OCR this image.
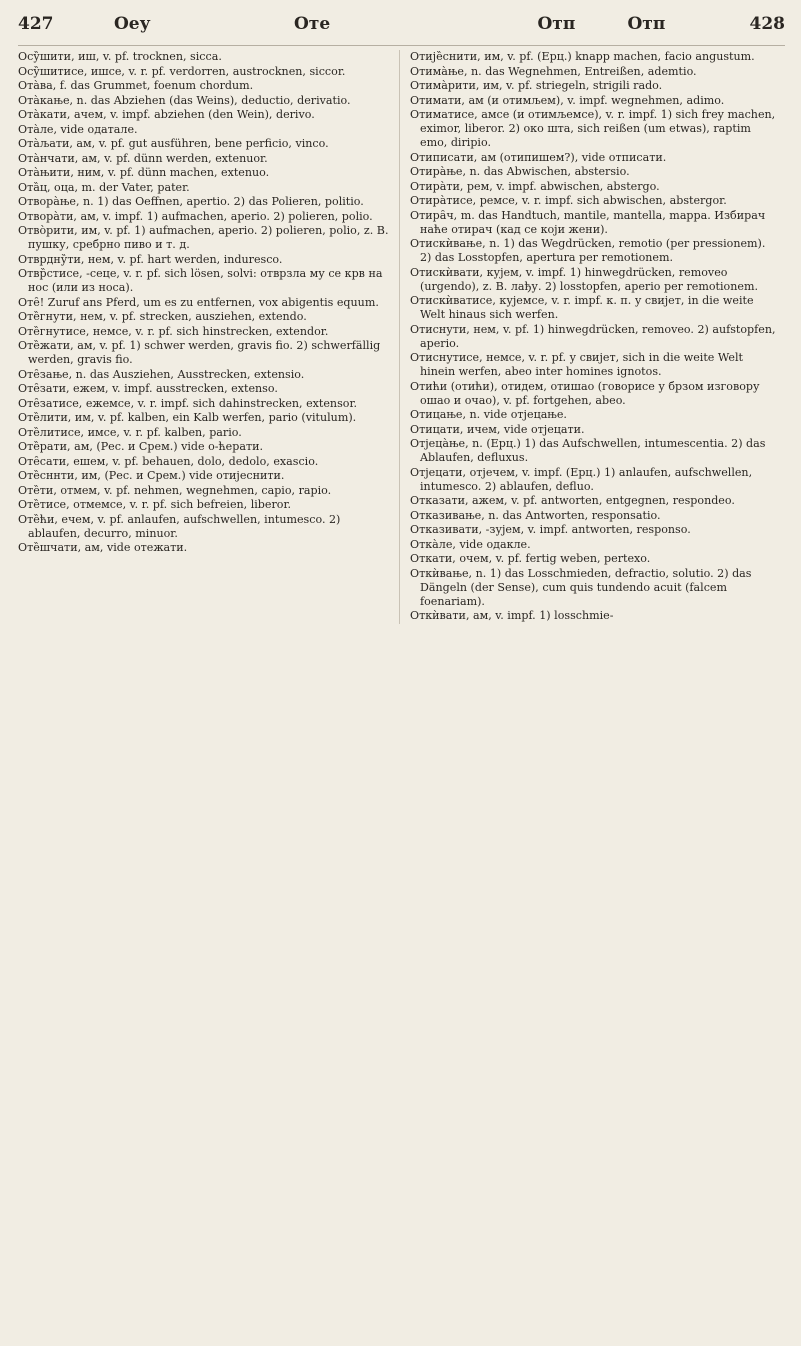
427	Оеу	Оте	Отп	Отп	428

Осу̏шити, иш, v. pf. trocknen, sicca.

Осу̏шитисе, ишсе, v. r. pf. verdorren, austrocknen, siccor.

Ота̀ва, f. das Grummet, foenum chordum.

Ота̀кање, n. das Abziehen (das Weins), deductio, derivatio.

Ота̀кати, ачем, v. impf. abziehen (den Wein), derivo.

Ота̀ле, vide одатале.

Ота̀љати, ам, v. pf. gut ausführen, bene perficio, vinco.

Ота̀нчати, ам, v. pf. dünn werden, extenuor.

Ота̀њити, ним, v. pf. dünn machen, extenuo.

Ота̏ц, оца, m. der Vater, pater.

Отвора̀ње, n. 1) das Oeffnen, apertio. 2) das Polieren, politio.

Отвора̀ти, ам, v. impf. 1) aufmachen, aperio. 2) polieren, polio.

Отво̀рити, им, v. pf. 1) aufmachen, aperio. 2) polieren, polio, z. B. пушку, сребрно пиво и т. д.

Отврдну̏ти, нем, v. pf. hart werden, induresco.

Отвр̏стисе, -сеце, v. r. pf. sich lösen, solvi: отврзла му се крв на нос (или из носа).

Оте̑! Zuruf ans Pferd, um es zu entfernen, vox abigentis equum.

Оте̏гнути, нем, v. pf. strecken, ausziehen, extendo.

Оте̏гнутисе, немсе, v. r. pf. sich hinstrecken, extendor.

Оте̏жати, ам, v. pf. 1) schwer werden, gravis fio. 2) schwerfällig werden, gravis fio.

Оте̑зање, n. das Ausziehen, Ausstrecken, extensio.

Оте̑зати, ежем, v. impf. ausstrecken, extenso.

Оте̑затисе, ежемсе, v. r. impf. sich dahinstrecken, extensor.

Оте̏лити, им, v. pf. kalben, ein Kalb werfen, pario (vitulum).

Оте̏литисе, имсе, v. r. pf. kalben, pario.

Оте̏рати, ам, (Рес. и Срем.) vide о-ћерати.

Оте̑сати, ешем, v. pf. behauen, dolo, dedolo, exascio.

Оте̏сннти, им, (Рес. и Срем.) vide отијеснити.

Оте̏ти, отмем, v. pf. nehmen, wegnehmen, capio, rapio.

Оте̏тисе, отмемсе, v. r. pf. sich befreien, liberor.

Оте̏ћи, ечем, v. pf. anlaufen, aufschwellen, intumesco. 2) ablaufen, decurro, minuor.

Оте̏шчати, ам, vide отежати.

Отије̏снити, им, v. pf. (Ерц.) knapp machen, facio angustum.

Отима̀ње, n. das Wegnehmen, Entreißen, ademtio.

Отима̀рити, им, v. pf. striegeln, strigili rado.

Отимати, ам (и отимљем), v. impf. wegnehmen, adimo.

Отиматисе, амсе (и отимљемсе), v. r. impf. 1) sich frey machen, eximor, liberor. 2) око шта, sich reißen (um etwas), raptim emo, diripio.

Отиписати, ам (отипишем?), vide отписати.

Отира̀ње, n. das Abwischen, abstersio.

Отира̀ти, рем, v. impf. abwischen, abstergo.

Отира̀тисе, ремсе, v. r. impf. sich abwischen, abstergor.

Отира̑ч, m. das Handtuch, mantile, mantella, mappa. Избирач наће отирач (кад се који жени).

Отискѝвање, n. 1) das Wegdrücken, remotio (per pressionem). 2) das Losstopfen, apertura per remotionem.

Отискѝвати, кујем, v. impf. 1) hinwegdrücken, removeo (urgendo), z. B. лађу. 2) losstopfen, aperio per remotionem.

Отискѝватисе, кујемсе, v. r. impf. к. п. у свијет, in die weite Welt hinaus sich werfen.

Отиснути, нем, v. pf. 1) hinwegdrücken, removeo. 2) aufstopfen, aperio.

Отиснутисе, немсе, v. r. pf. у свијет, sich in die weite Welt hinein werfen, abeo inter homines ignotos.

Отићи (отићи), отидем, отишао (говорисе у брзом изговору ошао и очао), v. pf. fortgehen, abeo.

Отицање, n. vide отјецање.

Отицати, ичем, vide отјецати.

Отјеца̀ње, n. (Ерц.) 1) das Aufschwellen, intumescentia. 2) das Ablaufen, defluxus.

Отјецати, отјечем, v. impf. (Ерц.) 1) anlaufen, aufschwellen, intumesco. 2) ablaufen, defluo.

Отказати, ажем, v. pf. antworten, entgegnen, respondeo.

Отказивање, n. das Antworten, responsatio.

Отказивати, -зујем, v. impf. antworten, responso.

Отка̀ле, vide одакле.

Откати, очем, v. pf. fertig weben, pertexo.

Откѝвање, n. 1) das Losschmieden, defractio, solutio. 2) das Dängeln (der Sense), cum quis tundendo acuit (falcem foenariam).

Откѝвати, ам, v. impf. 1) losschmie-
